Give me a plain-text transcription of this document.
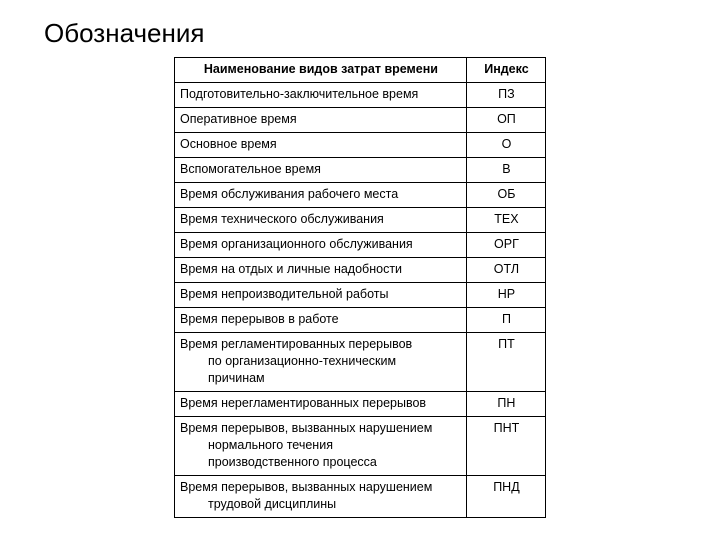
Обозначения
Наименование видов затрат времени	Индекс

Подготовительно-заключительное время	ПЗ

Оперативное время	ОП

Основное время	О

Вспомогательное время	В

Время обслуживания рабочего места	ОБ

Время технического обслуживания	ТЕХ

Время организационного обслуживания	ОРГ

Время на отдых и личные надобности	ОТЛ

Время непроизводительной работы	НР

Время перерывов в работе	П

Время регламентированных перерывов
по организационно-техническим
причинам	ПТ

Время нерегламентированных перерывов	ПН

Время перерывов, вызванных нарушением
нормального течения
производственного процесса	ПНТ

Время перерывов, вызванных нарушением
трудовой дисциплины	ПНД
